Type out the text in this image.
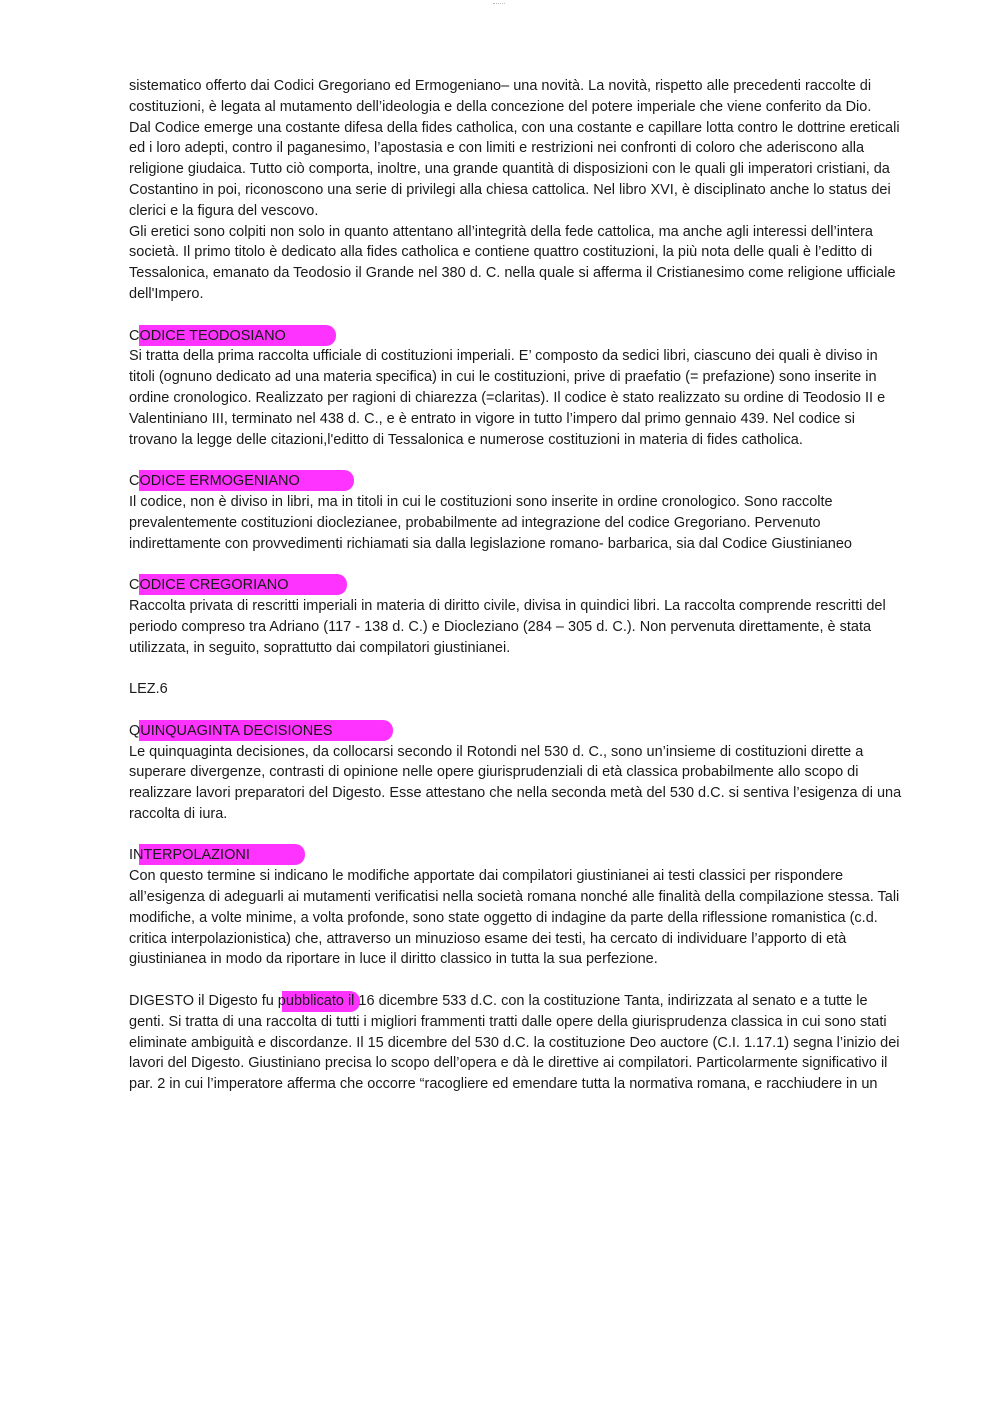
sistematico offerto dai Codici Gregoriano ed Ermogeniano– una novità. La novità, rispetto alle precedenti raccolte di costituzioni, è legata al mutamento dell’ideologia e della concezione del potere imperiale che viene conferito da Dio.

Dal Codice emerge una costante difesa della fides catholica, con una costante e capillare lotta contro le dottrine ereticali ed i loro adepti, contro il paganesimo, l’apostasia e con limiti e restrizioni nei confronti di coloro che aderiscono alla religione giudaica. Tutto ciò comporta, inoltre, una grande quantità di disposizioni con le quali gli imperatori cristiani, da Costantino in poi, riconoscono una serie di privilegi alla chiesa cattolica. Nel libro XVI, è disciplinato anche lo status dei clerici e la figura del vescovo.

Gli eretici sono colpiti non solo in quanto attentano all’integrità della fede cattolica, ma anche agli interessi dell’intera società. Il primo titolo è dedicato alla fides catholica e contiene quattro costituzioni, la più nota delle quali è l’editto di Tessalonica, emanato da Teodosio il Grande nel 380 d. C. nella quale si afferma il Cristianesimo come religione ufficiale dell'Impero.

CODICE TEODOSIANO

Si tratta della prima raccolta ufficiale di costituzioni imperiali. E’ composto da sedici libri, ciascuno dei quali è diviso in titoli (ognuno dedicato ad una materia specifica) in cui le costituzioni, prive di praefatio (= prefazione) sono inserite in ordine cronologico. Realizzato per ragioni di chiarezza (=claritas). Il codice è stato realizzato su ordine di Teodosio II e Valentiniano III, terminato nel 438 d. C., e è entrato in vigore in tutto l’impero dal primo gennaio 439. Nel codice si trovano la legge delle citazioni,l'editto di Tessalonica e numerose costituzioni in materia di fides catholica.

CODICE ERMOGENIANO

Il codice, non è diviso in libri, ma in titoli in cui le costituzioni sono inserite in ordine cronologico. Sono raccolte prevalentemente costituzioni dioclezianee, probabilmente ad integrazione del codice Gregoriano. Pervenuto indirettamente con provvedimenti richiamati sia dalla legislazione romano- barbarica, sia dal Codice Giustinianeo

CODICE CREGORIANO

Raccolta privata di rescritti imperiali in materia di diritto civile, divisa in quindici libri. La raccolta comprende rescritti del periodo compreso tra Adriano (117 - 138 d. C.) e Diocleziano (284 – 305 d. C.). Non pervenuta direttamente, è stata utilizzata, in seguito, soprattutto dai compilatori giustinianei.

LEZ.6

QUINQUAGINTA DECISIONES

Le quinquaginta decisiones, da collocarsi secondo il Rotondi nel 530 d. C., sono un’insieme di costituzioni dirette a superare divergenze, contrasti di opinione nelle opere giurisprudenziali di età classica probabilmente allo scopo di realizzare lavori preparatori del Digesto. Esse attestano che nella seconda metà del 530 d.C. si sentiva l’esigenza di una raccolta di iura.

INTERPOLAZIONI

Con questo termine si indicano le modifiche apportate dai compilatori giustinianei ai testi classici per rispondere all’esigenza di adeguarli ai mutamenti verificatisi nella società romana nonché alle finalità della compilazione stessa. Tali modifiche, a volte minime, a volta profonde, sono state oggetto di indagine da parte della riflessione romanistica (c.d. critica interpolazionistica) che, attraverso un minuzioso esame dei testi, ha cercato di individuare l’apporto di età giustinianea in modo da riportare in luce il diritto classico in tutta la sua perfezione.

DIGESTO il Digesto fu pubblicato il 16 dicembre 533 d.C. con la costituzione Tanta, indirizzata al senato e a tutte le genti. Si tratta di una raccolta di tutti i migliori frammenti tratti dalle opere della giurisprudenza classica in cui sono stati eliminate ambiguità e discordanze. Il 15 dicembre del 530 d.C. la costituzione Deo auctore (C.I. 1.17.1) segna l’inizio dei lavori del Digesto. Giustiniano precisa lo scopo dell’opera e dà le direttive ai compilatori. Particolarmente significativo il par. 2 in cui l’imperatore afferma che occorre “racogliere ed emendare tutta la normativa romana, e racchiudere in un
